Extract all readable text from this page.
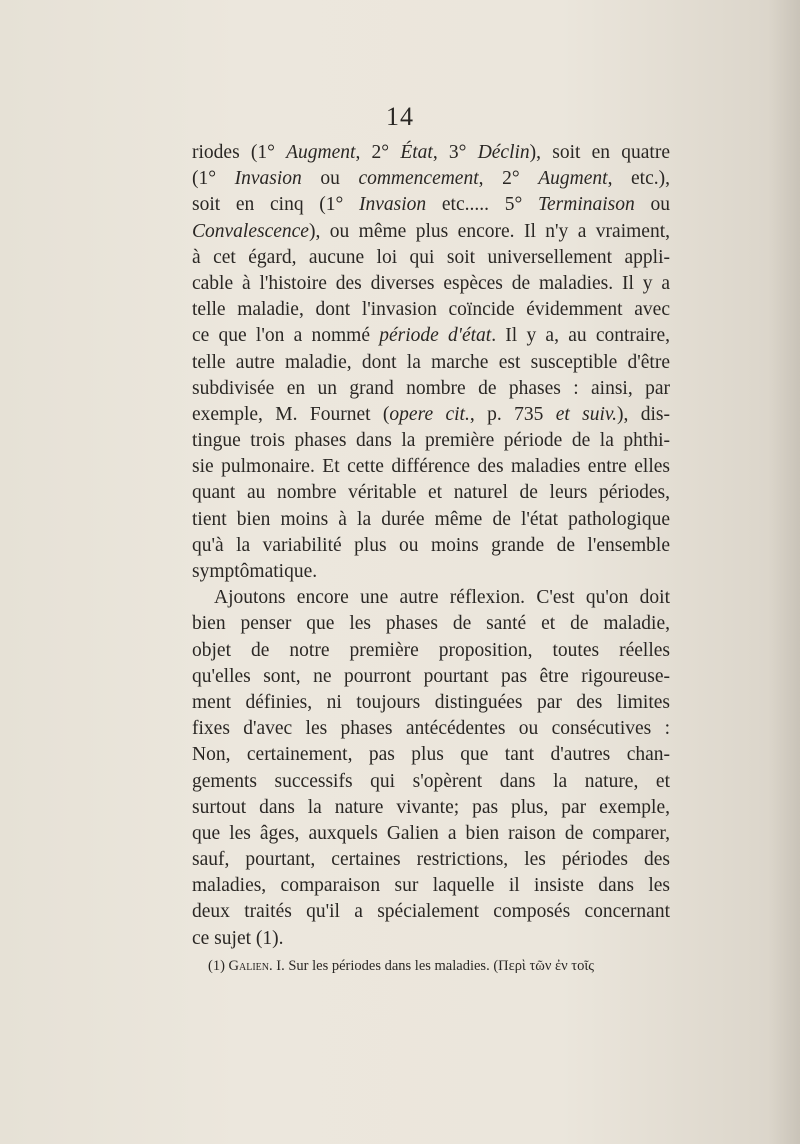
14
riodes (1° Augment, 2° État, 3° Déclin), soit en quatre
(1° Invasion ou commencement, 2° Augment, etc.),
soit en cinq (1° Invasion etc..... 5° Terminaison ou
Convalescence), ou même plus encore. Il n'y a vraiment,
à cet égard, aucune loi qui soit universellement appli-
cable à l'histoire des diverses espèces de maladies. Il y a
telle maladie, dont l'invasion coïncide évidemment avec
ce que l'on a nommé période d'état. Il y a, au contraire,
telle autre maladie, dont la marche est susceptible d'être
subdivisée en un grand nombre de phases : ainsi, par
exemple, M. Fournet (opere cit., p. 735 et suiv.), dis-
tingue trois phases dans la première période de la phthi-
sie pulmonaire. Et cette différence des maladies entre elles
quant au nombre véritable et naturel de leurs périodes,
tient bien moins à la durée même de l'état pathologique
qu'à la variabilité plus ou moins grande de l'ensemble
symptômatique.
Ajoutons encore une autre réflexion. C'est qu'on doit
bien penser que les phases de santé et de maladie,
objet de notre première proposition, toutes réelles
qu'elles sont, ne pourront pourtant pas être rigoureuse-
ment définies, ni toujours distinguées par des limites
fixes d'avec les phases antécédentes ou consécutives :
Non, certainement, pas plus que tant d'autres chan-
gements successifs qui s'opèrent dans la nature, et
surtout dans la nature vivante; pas plus, par exemple,
que les âges, auxquels Galien a bien raison de comparer,
sauf, pourtant, certaines restrictions, les périodes des
maladies, comparaison sur laquelle il insiste dans les
deux traités qu'il a spécialement composés concernant
ce sujet (1).
(1) Galien. I. Sur les périodes dans les maladies. (Περὶ τῶν ἐν τοῖς
